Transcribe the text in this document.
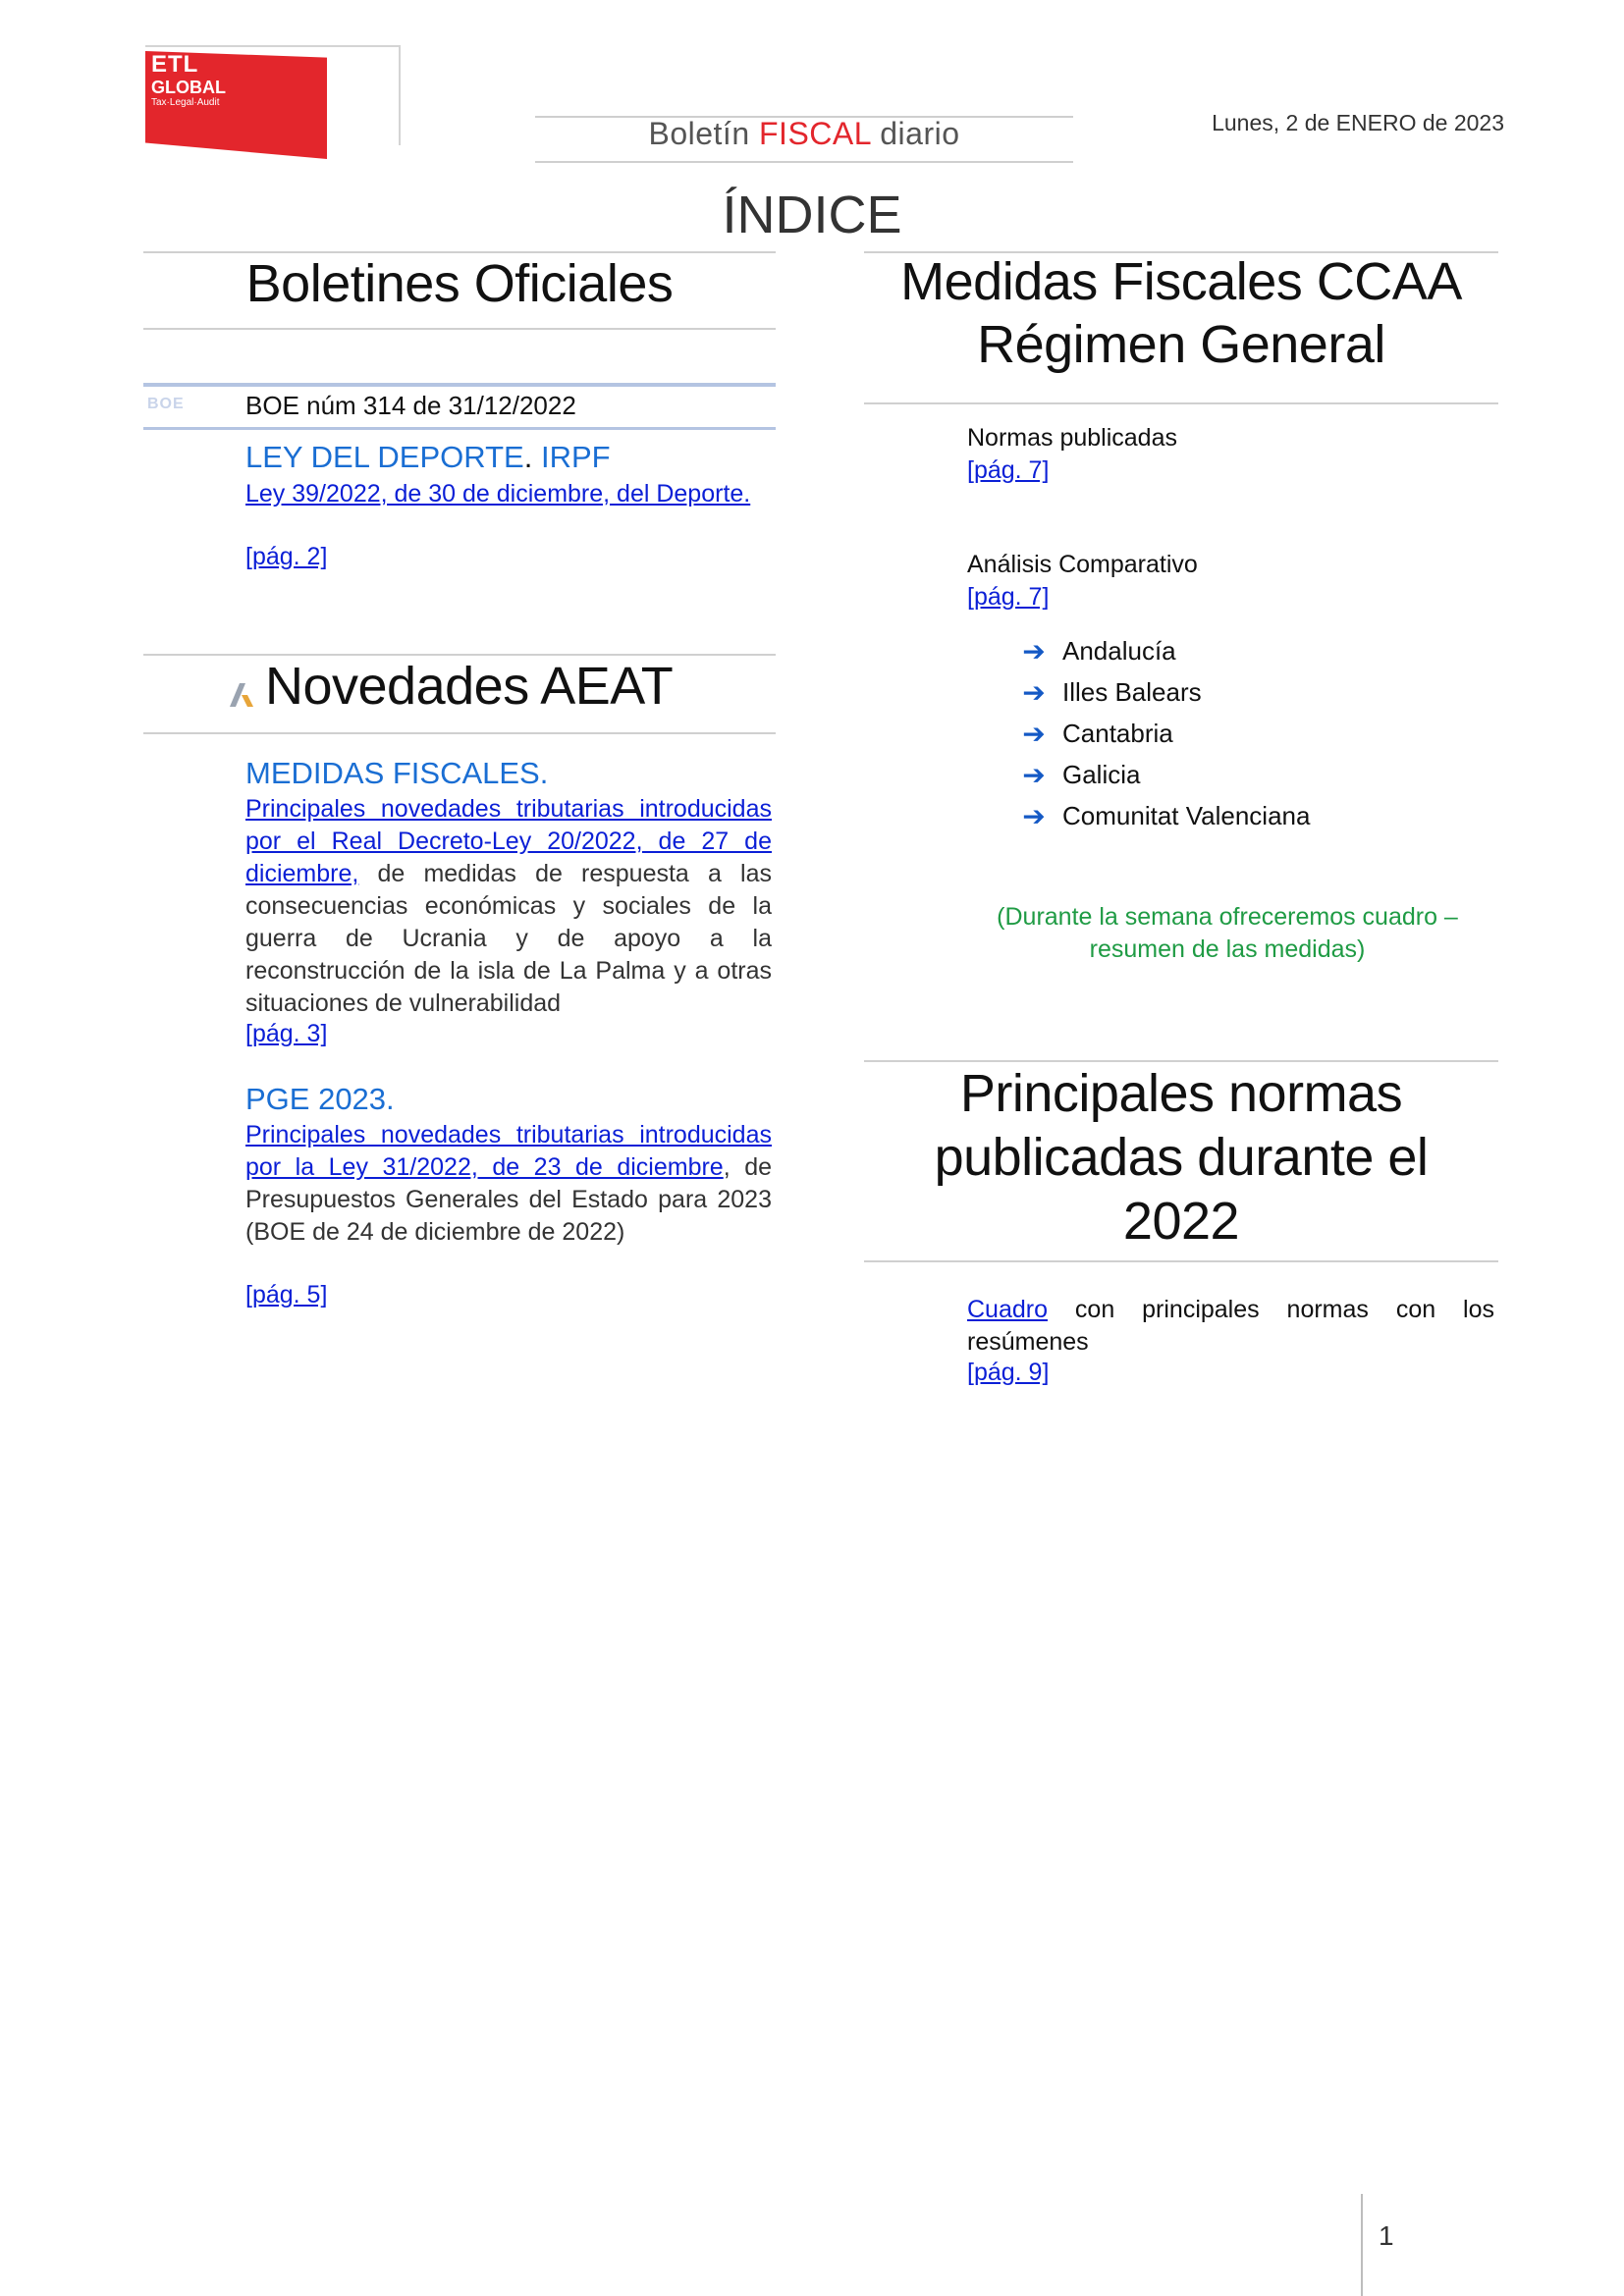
ETL
GLOBAL
Tax·Legal·Audit
Boletín FISCAL diario	Lunes, 2 de ENERO de 2023
ÍNDICE
Boletines Oficiales
BOE BOE núm 314 de 31/12/2022
LEY DEL DEPORTE. IRPF
Ley 39/2022, de 30 de diciembre, del Deporte.
[pág. 2]
Novedades AEAT
MEDIDAS FISCALES.
Principales novedades tributarias introducidas por el Real Decreto-Ley 20/2022, de 27 de diciembre, de medidas de respuesta a las consecuencias económicas y sociales de la guerra de Ucrania y de apoyo a la reconstrucción de la isla de La Palma y a otras situaciones de vulnerabilidad
[pág. 3]
PGE 2023.
Principales novedades tributarias introducidas por la Ley 31/2022, de 23 de diciembre, de Presupuestos Generales del Estado para 2023 (BOE de 24 de diciembre de 2022)
[pág. 5]
Medidas Fiscales CCAA
Régimen General
Normas publicadas
[pág. 7]
Análisis Comparativo
[pág. 7]
➔ Andalucía
➔ Illes Balears
➔ Cantabria
➔ Galicia
➔ Comunitat Valenciana
(Durante la semana ofreceremos cuadro – resumen de las medidas)
Principales normas
publicadas durante el
2022
Cuadro con principales normas con los resúmenes
[pág. 9]
1
